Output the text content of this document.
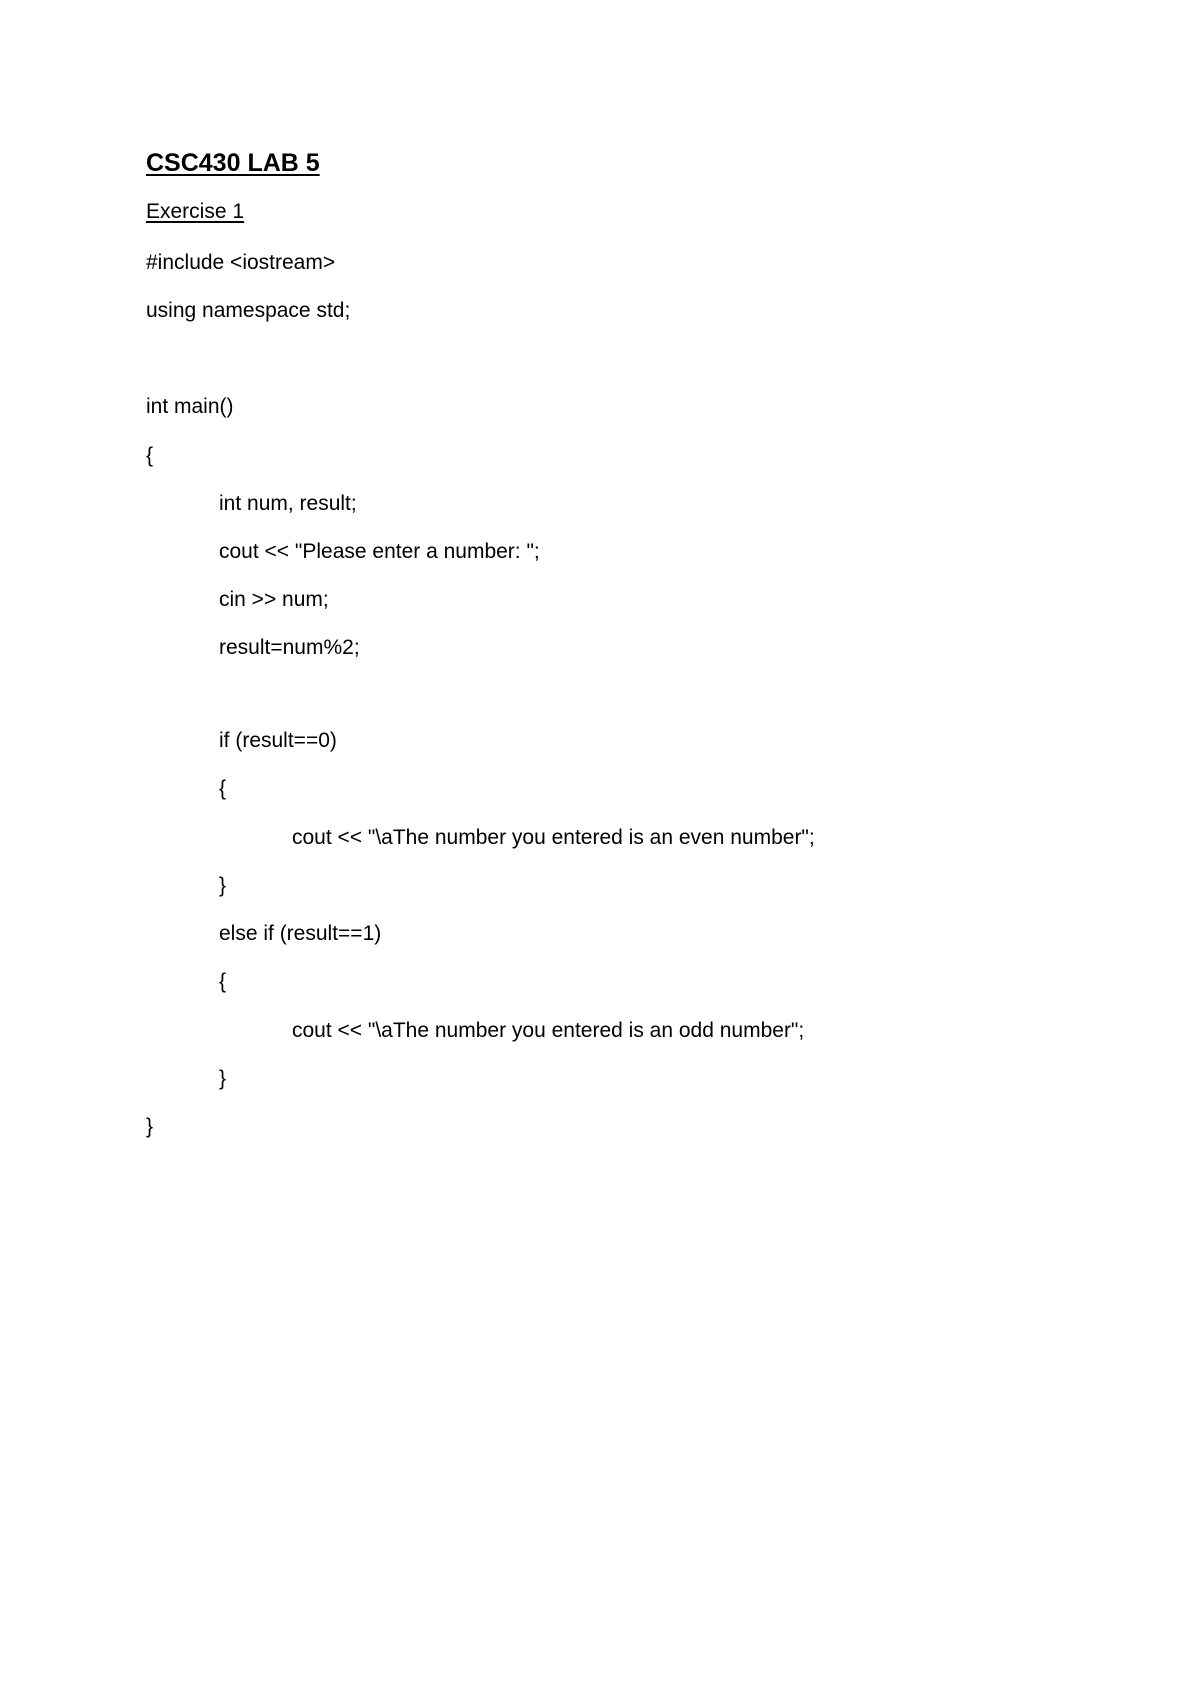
CSC430 LAB 5
Exercise 1
#include <iostream>
using namespace std;
int main()
{
int num, result;
cout << "Please enter a number: ";
cin >> num;
result=num%2;
if (result==0)
{
cout << "\aThe number you entered is an even number";
}
else if (result==1)
{
cout << "\aThe number you entered is an odd number";
}
}
